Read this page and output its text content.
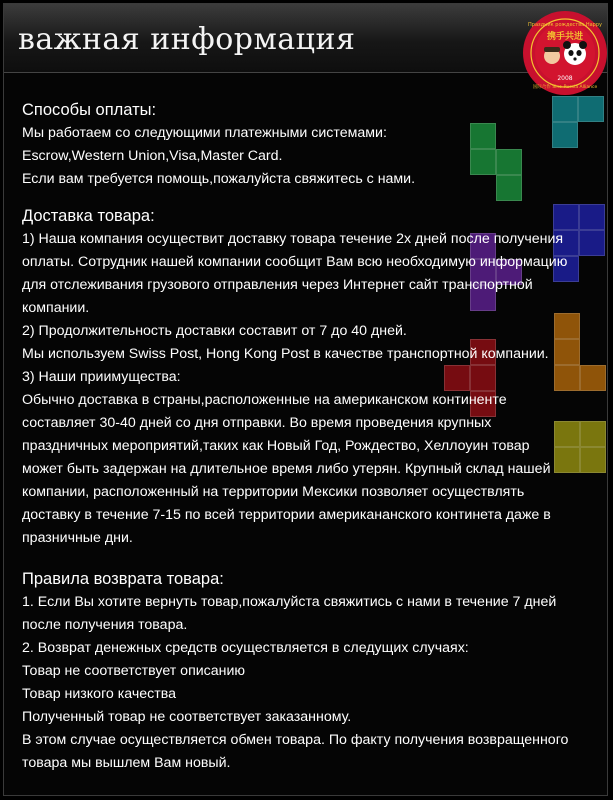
важная информация

Способы оплаты:

Мы работаем со следующими платежными системами:

Escrow,Western Union,Visa,Master Card.

Если вам требуется помощь,пожалуйста свяжитесь с нами.

Доставка товара:

1) Наша компания осуществит доставку товара течение 2х дней после получения

оплаты. Сотрудник нашей компании сообщит Вам всю необходимую информацию

для отслеживания грузового отправления через Интернет сайт транспортной

компании.

2) Продолжительность доставки составит от 7 до 40 дней.

Мы используем Swiss Post, Hong Kong Post в качестве транспортной компании.

3) Наши приимущества:

Обычно доставка в страны,расположенные на американском континенте

составляет 30-40 дней со дня отправки. Во время проведения крупных

праздничных мероприятий,таких как Новый Год, Рождество, Хеллоуин товар

может быть задержан на длительное время либо утерян. Крупный склад нашей

компании, расположенный на территории Мексики позволяет осуществлять

доставку в течение 7-15 по всей территории американанского континета даже в

празничные дни.

Правила возврата товара:

1. Если Вы хотите вернуть товар,пожалуйста свяжитись с нами в течение 7 дней

после получения товара.

2. Возврат денежных средств осуществляется в следущих случаях:

Товар не соответствует описанию

Товар низкого качества

Полученный товар не соответствует заказанному.

В этом случае осуществляется обмен товара. По факту получения возвращенного

товара мы вышлем Вам новый.

2008
Праздник рождества Happy
携手共进
国际合作 Sino-Russia Alliance
